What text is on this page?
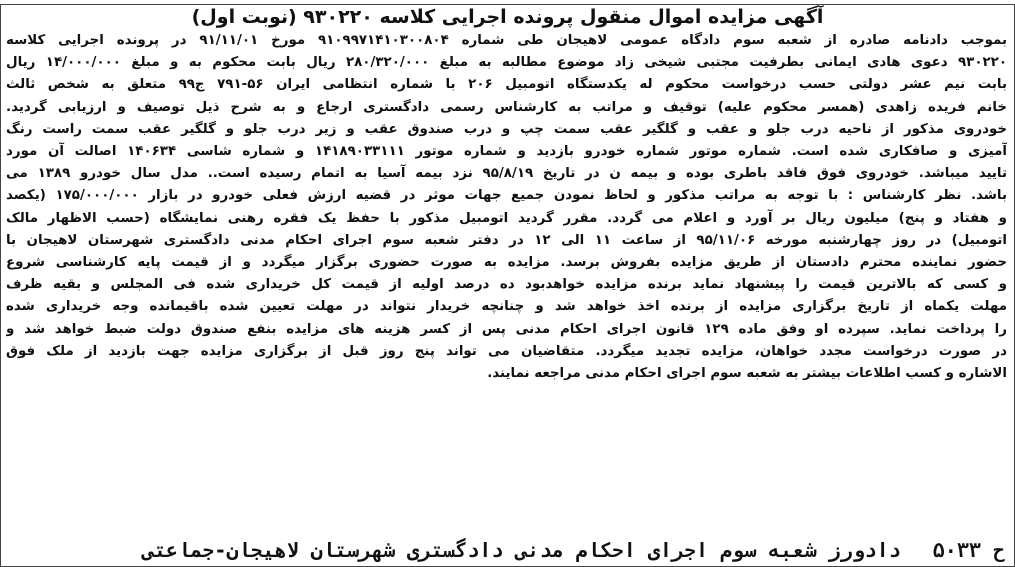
آگهی مزایده اموال منقول پرونده اجرایی کلاسه ۹۳۰۲۲۰ (نوبت اول)
بموجب دادنامه صادره از شعبه سوم دادگاه عمومی لاهیجان طی شماره ۹۱۰۹۹۷۱۴۱۰۳۰۰۸۰۴ مورخ ۹۱/۱۱/۰۱ در پرونده اجرایی کلاسه
۹۳۰۲۲۰ دعوی هادی ایمانی بطرفیت مجتبی شیخی زاد موضوع مطالبه به مبلغ ۲۸۰/۳۲۰/۰۰۰ ریال بابت محکوم به و مبلغ ۱۴/۰۰۰/۰۰۰ ریال
بابت نیم عشر دولتی حسب درخواست محکوم له یکدستگاه اتومبیل ۲۰۶ با شماره انتظامی ایران ۵۶-۷۹۱ ج۹۹ متعلق به شخص ثالث
خانم فریده زاهدی (همسر محکوم علیه) توقیف و مراتب به کارشناس رسمی دادگستری ارجاع و به شرح ذیل توصیف و ارزیابی گردید.
خودروی مذکور از ناحیه درب جلو و عقب و گلگیر عقب سمت چپ و درب صندوق عقب و زیر درب جلو و گلگیر عقب سمت راست رنگ
آمیزی و صافکاری شده است. شماره موتور شماره خودرو بازدید و شماره موتور ۱۴۱۸۹۰۳۳۱۱۱ و شماره شاسی ۱۴۰۶۳۴ اصالت آن مورد
تایید میباشد. خودروی فوق فاقد باطری بوده و بیمه ن در تاریخ ۹۵/۸/۱۹ نزد بیمه آسیا به اتمام رسیده است.. مدل سال خودرو ۱۳۸۹ می
باشد. نظر کارشناس : با توجه به مراتب مذکور و لحاظ نمودن جمیع جهات موثر در قضیه ارزش فعلی خودرو در بازار ۱۷۵/۰۰۰/۰۰۰ (یکصد
و هفتاد و پنج) میلیون ریال بر آورد و اعلام می گردد. مقرر گردید اتومبیل مذکور با حفظ یک فقره رهنی نمایشگاه (حسب الاظهار مالک
اتومبیل) در روز چهارشنبه مورخه ۹۵/۱۱/۰۶ از ساعت ۱۱ الی ۱۲ در دفتر شعبه سوم اجرای احکام مدنی دادگستری شهرستان لاهیجان با
حضور نماینده محترم دادستان از طریق مزایده بفروش برسد. مزایده به صورت حضوری برگزار میگردد و از قیمت پایه کارشناسی شروع
و کسی که بالاترین قیمت را پیشنهاد نماید برنده مزایده خواهدبود ده درصد اولیه از قیمت کل خریداری شده فی المجلس و بقیه ظرف
مهلت یکماه از تاریخ برگزاری مزایده از برنده اخذ خواهد شد و چنانچه خریدار نتواند در مهلت تعیین شده باقیمانده وجه خریداری شده
را پرداخت نماید. سپرده او وفق ماده ۱۲۹ قانون اجرای احکام مدنی پس از کسر هزینه های مزایده بنفع صندوق دولت ضبط خواهد شد و
در صورت درخواست مجدد خواهان، مزایده تجدید میگردد. متقاضیان می تواند پنج روز قبل از برگزاری مزایده جهت بازدید از ملک فوق
الاشاره و کسب اطلاعات بیشتر به شعبه سوم اجرای احکام مدنی مراجعه نمایند.
ح ۵۰۳۳ دادورز شعبه سوم اجرای احکام مدنی دادگستری شهرستان لاهیجان-جماعتی
